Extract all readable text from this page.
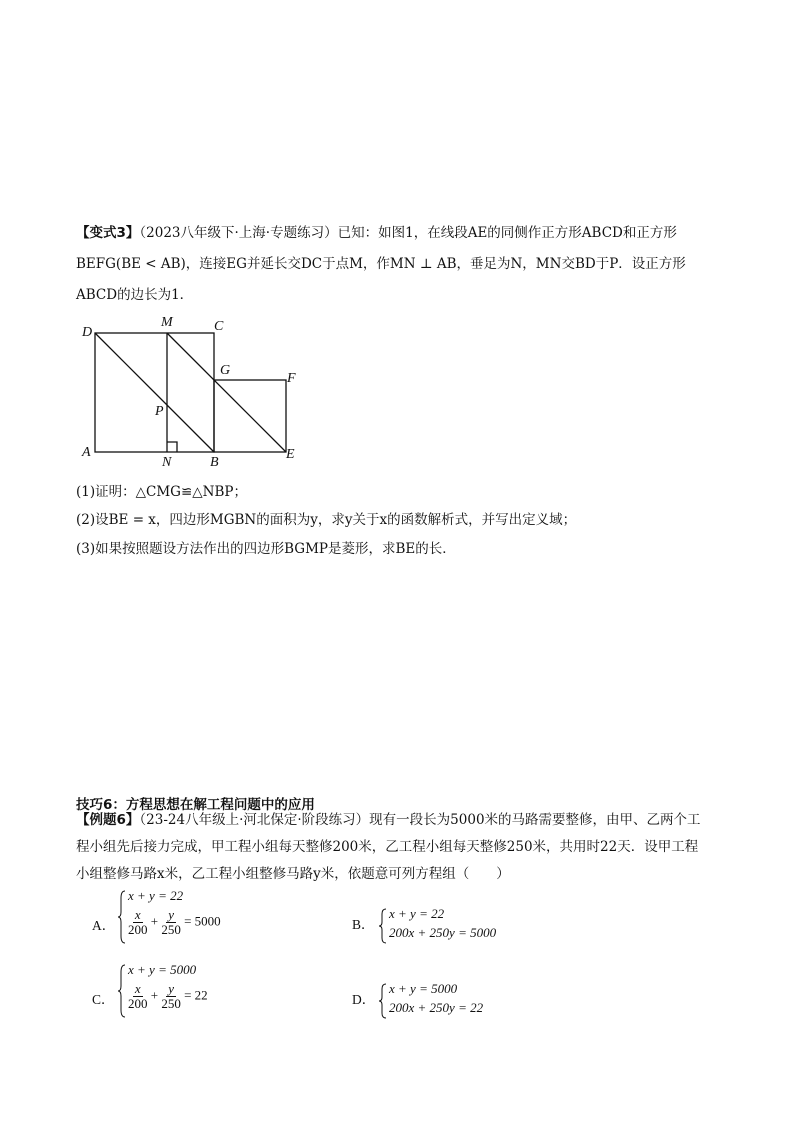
【变式3】（2023八年级下·上海·专题练习）已知：如图1，在线段AE的同侧作正方形ABCD和正方形
BEFG(BE < AB)，连接EG并延长交DC于点M，作MN ⊥ AB，垂足为N，MN交BD于P．设正方形
ABCD的边长为1．
D
M	C
G
F
P
A
N	B
E
(1)证明：△CMG≌△NBP；
(2)设BE = x，四边形MGBN的面积为y，求y关于x的函数解析式，并写出定义域；
(3)如果按照题设方法作出的四边形BGMP是菱形，求BE的长．
技巧6：方程思想在解工程问题中的应用
【例题6】（23-24八年级上·河北保定·阶段练习）现有一段长为5000米的马路需要整修，由甲、乙两个工
程小组先后接力完成，甲工程小组每天整修200米，乙工程小组每天整修250米，共用时22天．设甲工程
小组整修马路x米，乙工程小组整修马路y米，依题意可列方程组（　　）
A．
x + y = 22
$\frac{x}{200} + \frac{y}{250} = 5000$	B．
x + y = 22
200x + 250y = 5000
C．
x + y = 5000
$\frac{x}{200} + \frac{y}{250} = 22$	D．
x + y = 5000
200x + 250y = 22
